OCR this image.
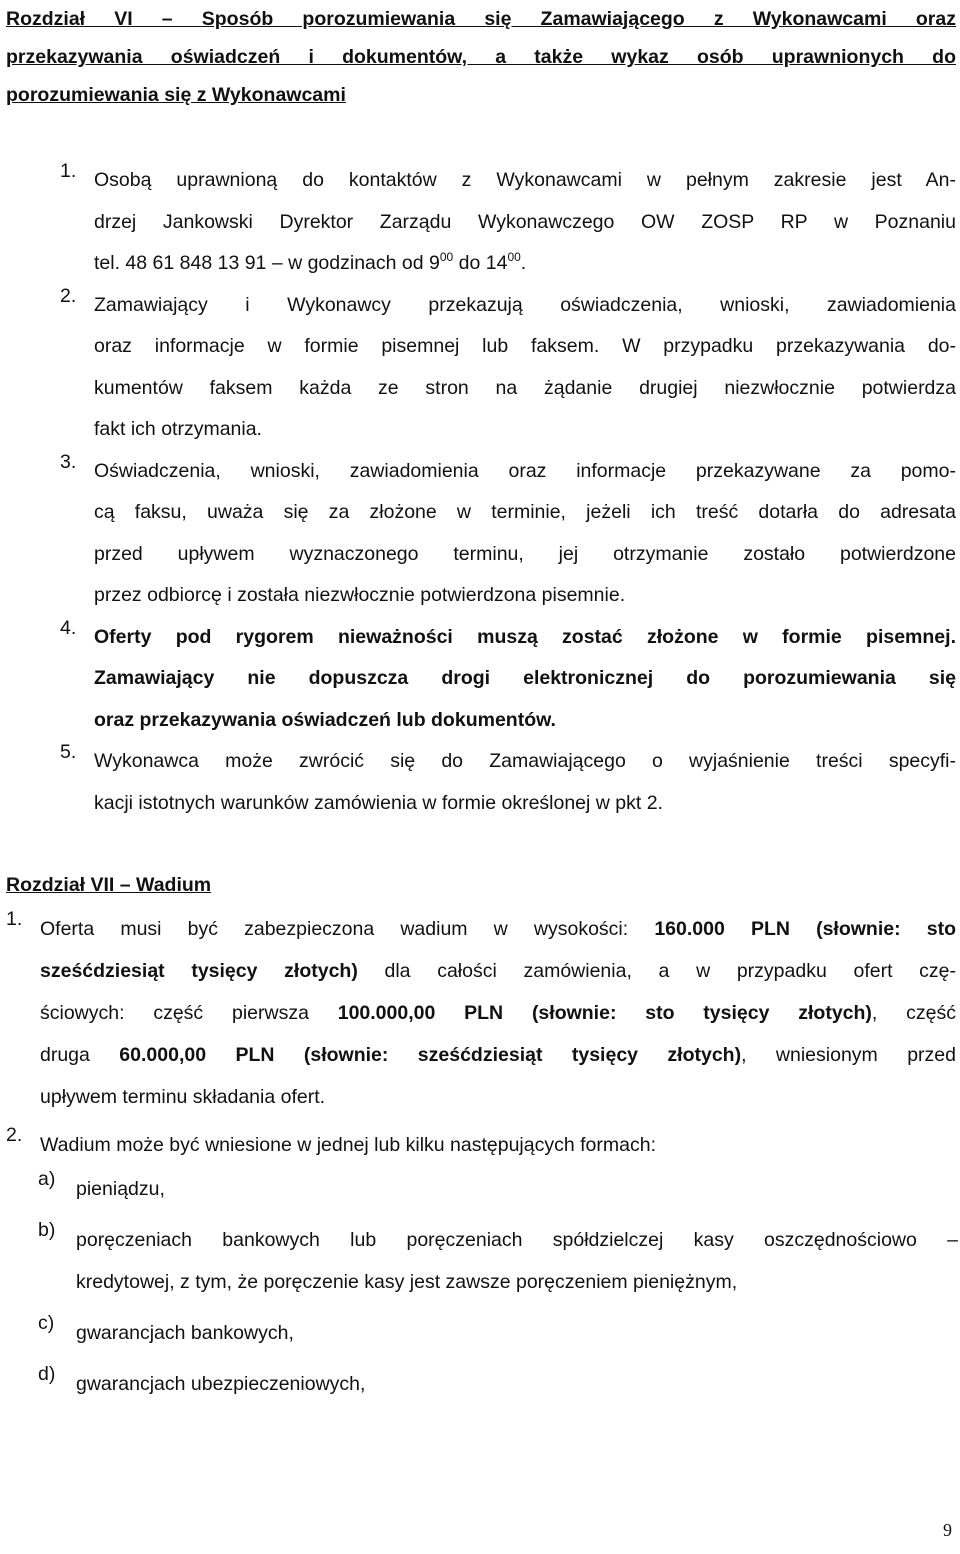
Rozdział VI – Sposób porozumiewania się Zamawiającego z Wykonawcami oraz
przekazywania oświadczeń i dokumentów, a także wykaz osób uprawnionych do
porozumiewania się z Wykonawcami
1. Osobą uprawnioną do kontaktów z Wykonawcami w pełnym zakresie jest An-
drzej Jankowski Dyrektor Zarządu Wykonawczego OW ZOSP RP w Poznaniu
tel. 48 61 848 13 91 – w godzinach od $9^{00}$ do $14^{00}$.
2. Zamawiający i Wykonawcy przekazują oświadczenia, wnioski, zawiadomienia
oraz informacje w formie pisemnej lub faksem. W przypadku przekazywania do-
kumentów faksem każda ze stron na żądanie drugiej niezwłocznie potwierdza
fakt ich otrzymania.
3. Oświadczenia, wnioski, zawiadomienia oraz informacje przekazywane za pomo-
cą faksu, uważa się za złożone w terminie, jeżeli ich treść dotarła do adresata
przed upływem wyznaczonego terminu, jej otrzymanie zostało potwierdzone
przez odbiorcę i została niezwłocznie potwierdzona pisemnie.
4. Oferty pod rygorem nieważności muszą zostać złożone w formie pisemnej.
Zamawiający nie dopuszcza drogi elektronicznej do porozumiewania się
oraz przekazywania oświadczeń lub dokumentów.
5. Wykonawca może zwrócić się do Zamawiającego o wyjaśnienie treści specyfi-
kacji istotnych warunków zamówienia w formie określonej w pkt 2.
Rozdział VII – Wadium
1. Oferta musi być zabezpieczona wadium w wysokości: 160.000 PLN (słownie: sto
sześćdziesiąt tysięcy złotych) dla całości zamówienia, a w przypadku ofert czę-
ściowych: część pierwsza 100.000,00 PLN (słownie: sto tysięcy złotych), część
druga 60.000,00 PLN (słownie: sześćdziesiąt tysięcy złotych), wniesionym przed
upływem terminu składania ofert.
2. Wadium może być wniesione w jednej lub kilku następujących formach:
a) pieniądzu,
b) poręczeniach bankowych lub poręczeniach spółdzielczej kasy oszczędnościowo –
kredytowej, z tym, że poręczenie kasy jest zawsze poręczeniem pieniężnym,
c) gwarancjach bankowych,
d) gwarancjach ubezpieczeniowych,
9
